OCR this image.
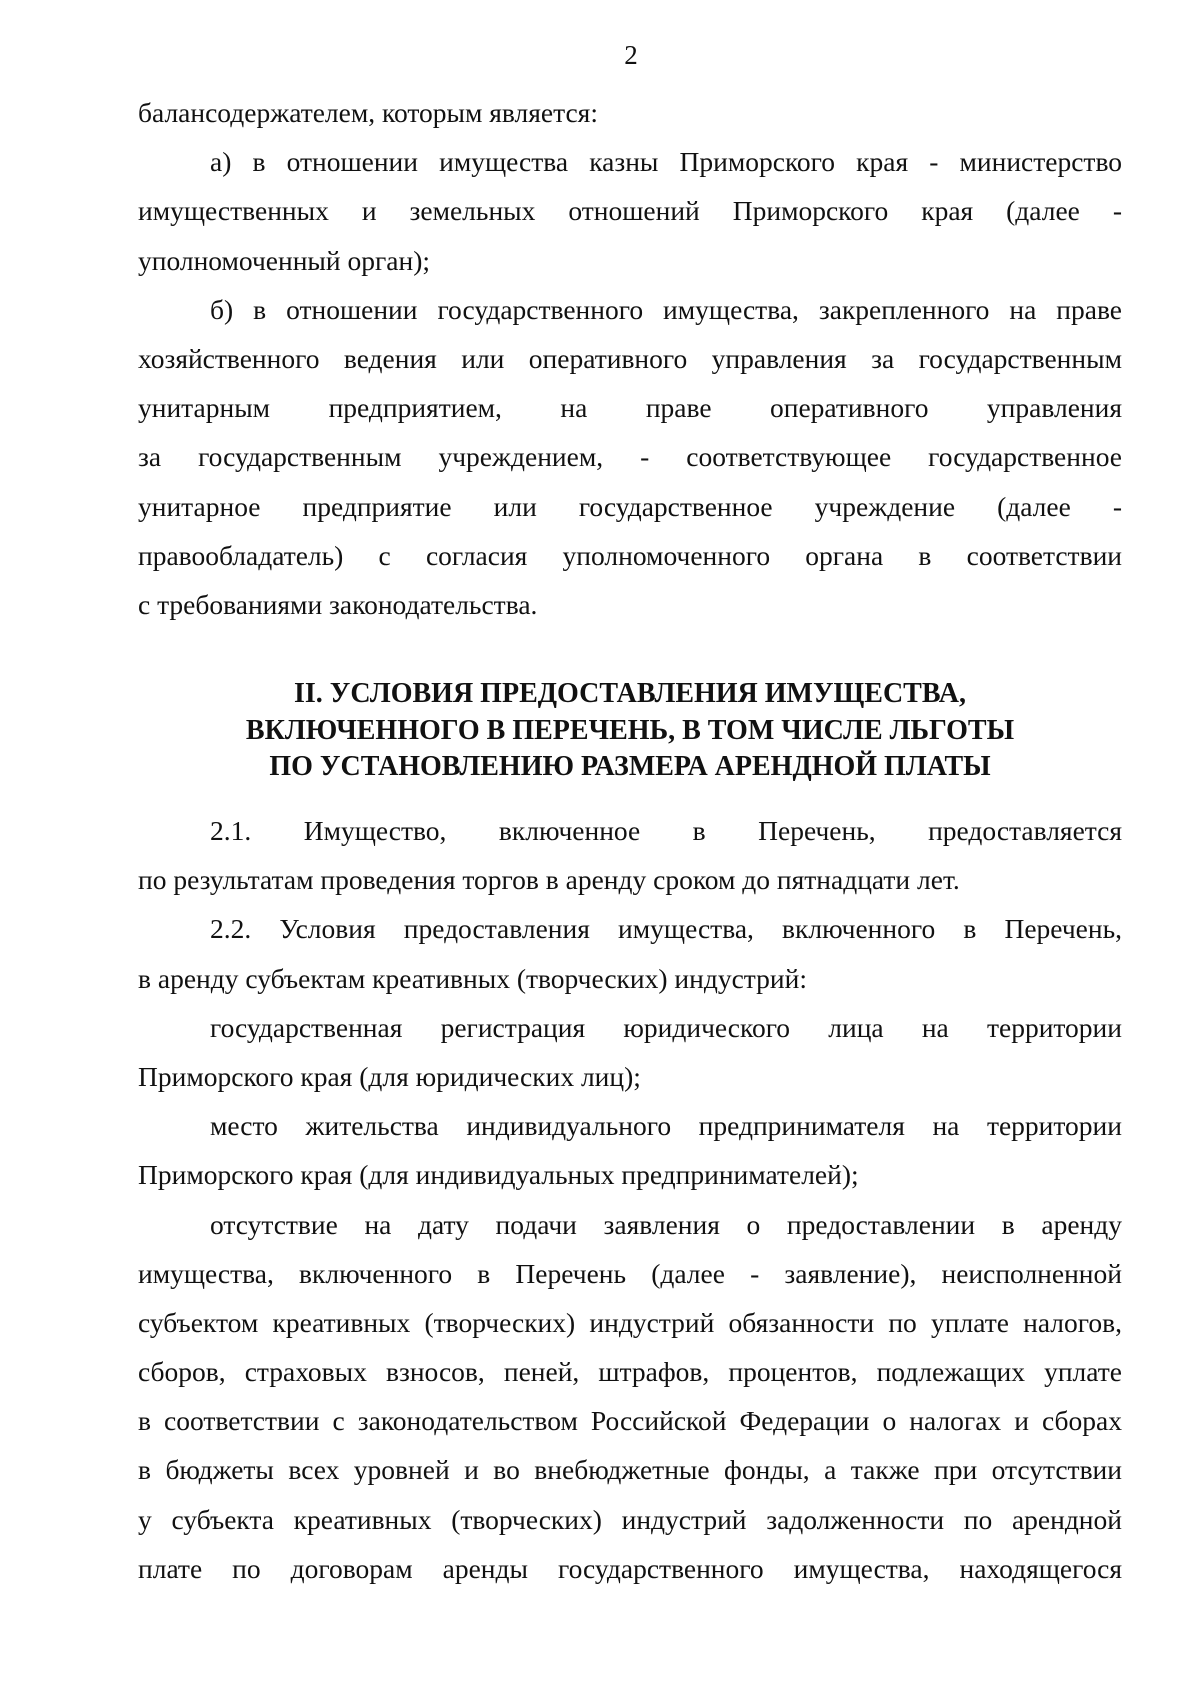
2
балансодержателем, которым является:
а) в отношении имущества казны Приморского края - министерство
имущественных и земельных отношений Приморского края (далее -
уполномоченный орган);
б) в отношении государственного имущества, закрепленного на праве
хозяйственного ведения или оперативного управления за государственным
унитарным предприятием, на праве оперативного управления
за государственным учреждением, - соответствующее государственное
унитарное предприятие или государственное учреждение (далее -
правообладатель) с согласия уполномоченного органа в соответствии
с требованиями законодательства.
II. УСЛОВИЯ ПРЕДОСТАВЛЕНИЯ ИМУЩЕСТВА,
ВКЛЮЧЕННОГО В ПЕРЕЧЕНЬ, В ТОМ ЧИСЛЕ ЛЬГОТЫ
ПО УСТАНОВЛЕНИЮ РАЗМЕРА АРЕНДНОЙ ПЛАТЫ
2.1. Имущество, включенное в Перечень, предоставляется
по результатам проведения торгов в аренду сроком до пятнадцати лет.
2.2. Условия предоставления имущества, включенного в Перечень,
в аренду субъектам креативных (творческих) индустрий:
государственная регистрация юридического лица на территории
Приморского края (для юридических лиц);
место жительства индивидуального предпринимателя на территории
Приморского края (для индивидуальных предпринимателей);
отсутствие на дату подачи заявления о предоставлении в аренду
имущества, включенного в Перечень (далее - заявление), неисполненной
субъектом креативных (творческих) индустрий обязанности по уплате налогов,
сборов, страховых взносов, пеней, штрафов, процентов, подлежащих уплате
в соответствии с законодательством Российской Федерации о налогах и сборах
в бюджеты всех уровней и во внебюджетные фонды, а также при отсутствии
у субъекта креативных (творческих) индустрий задолженности по арендной
плате по договорам аренды государственного имущества, находящегося
